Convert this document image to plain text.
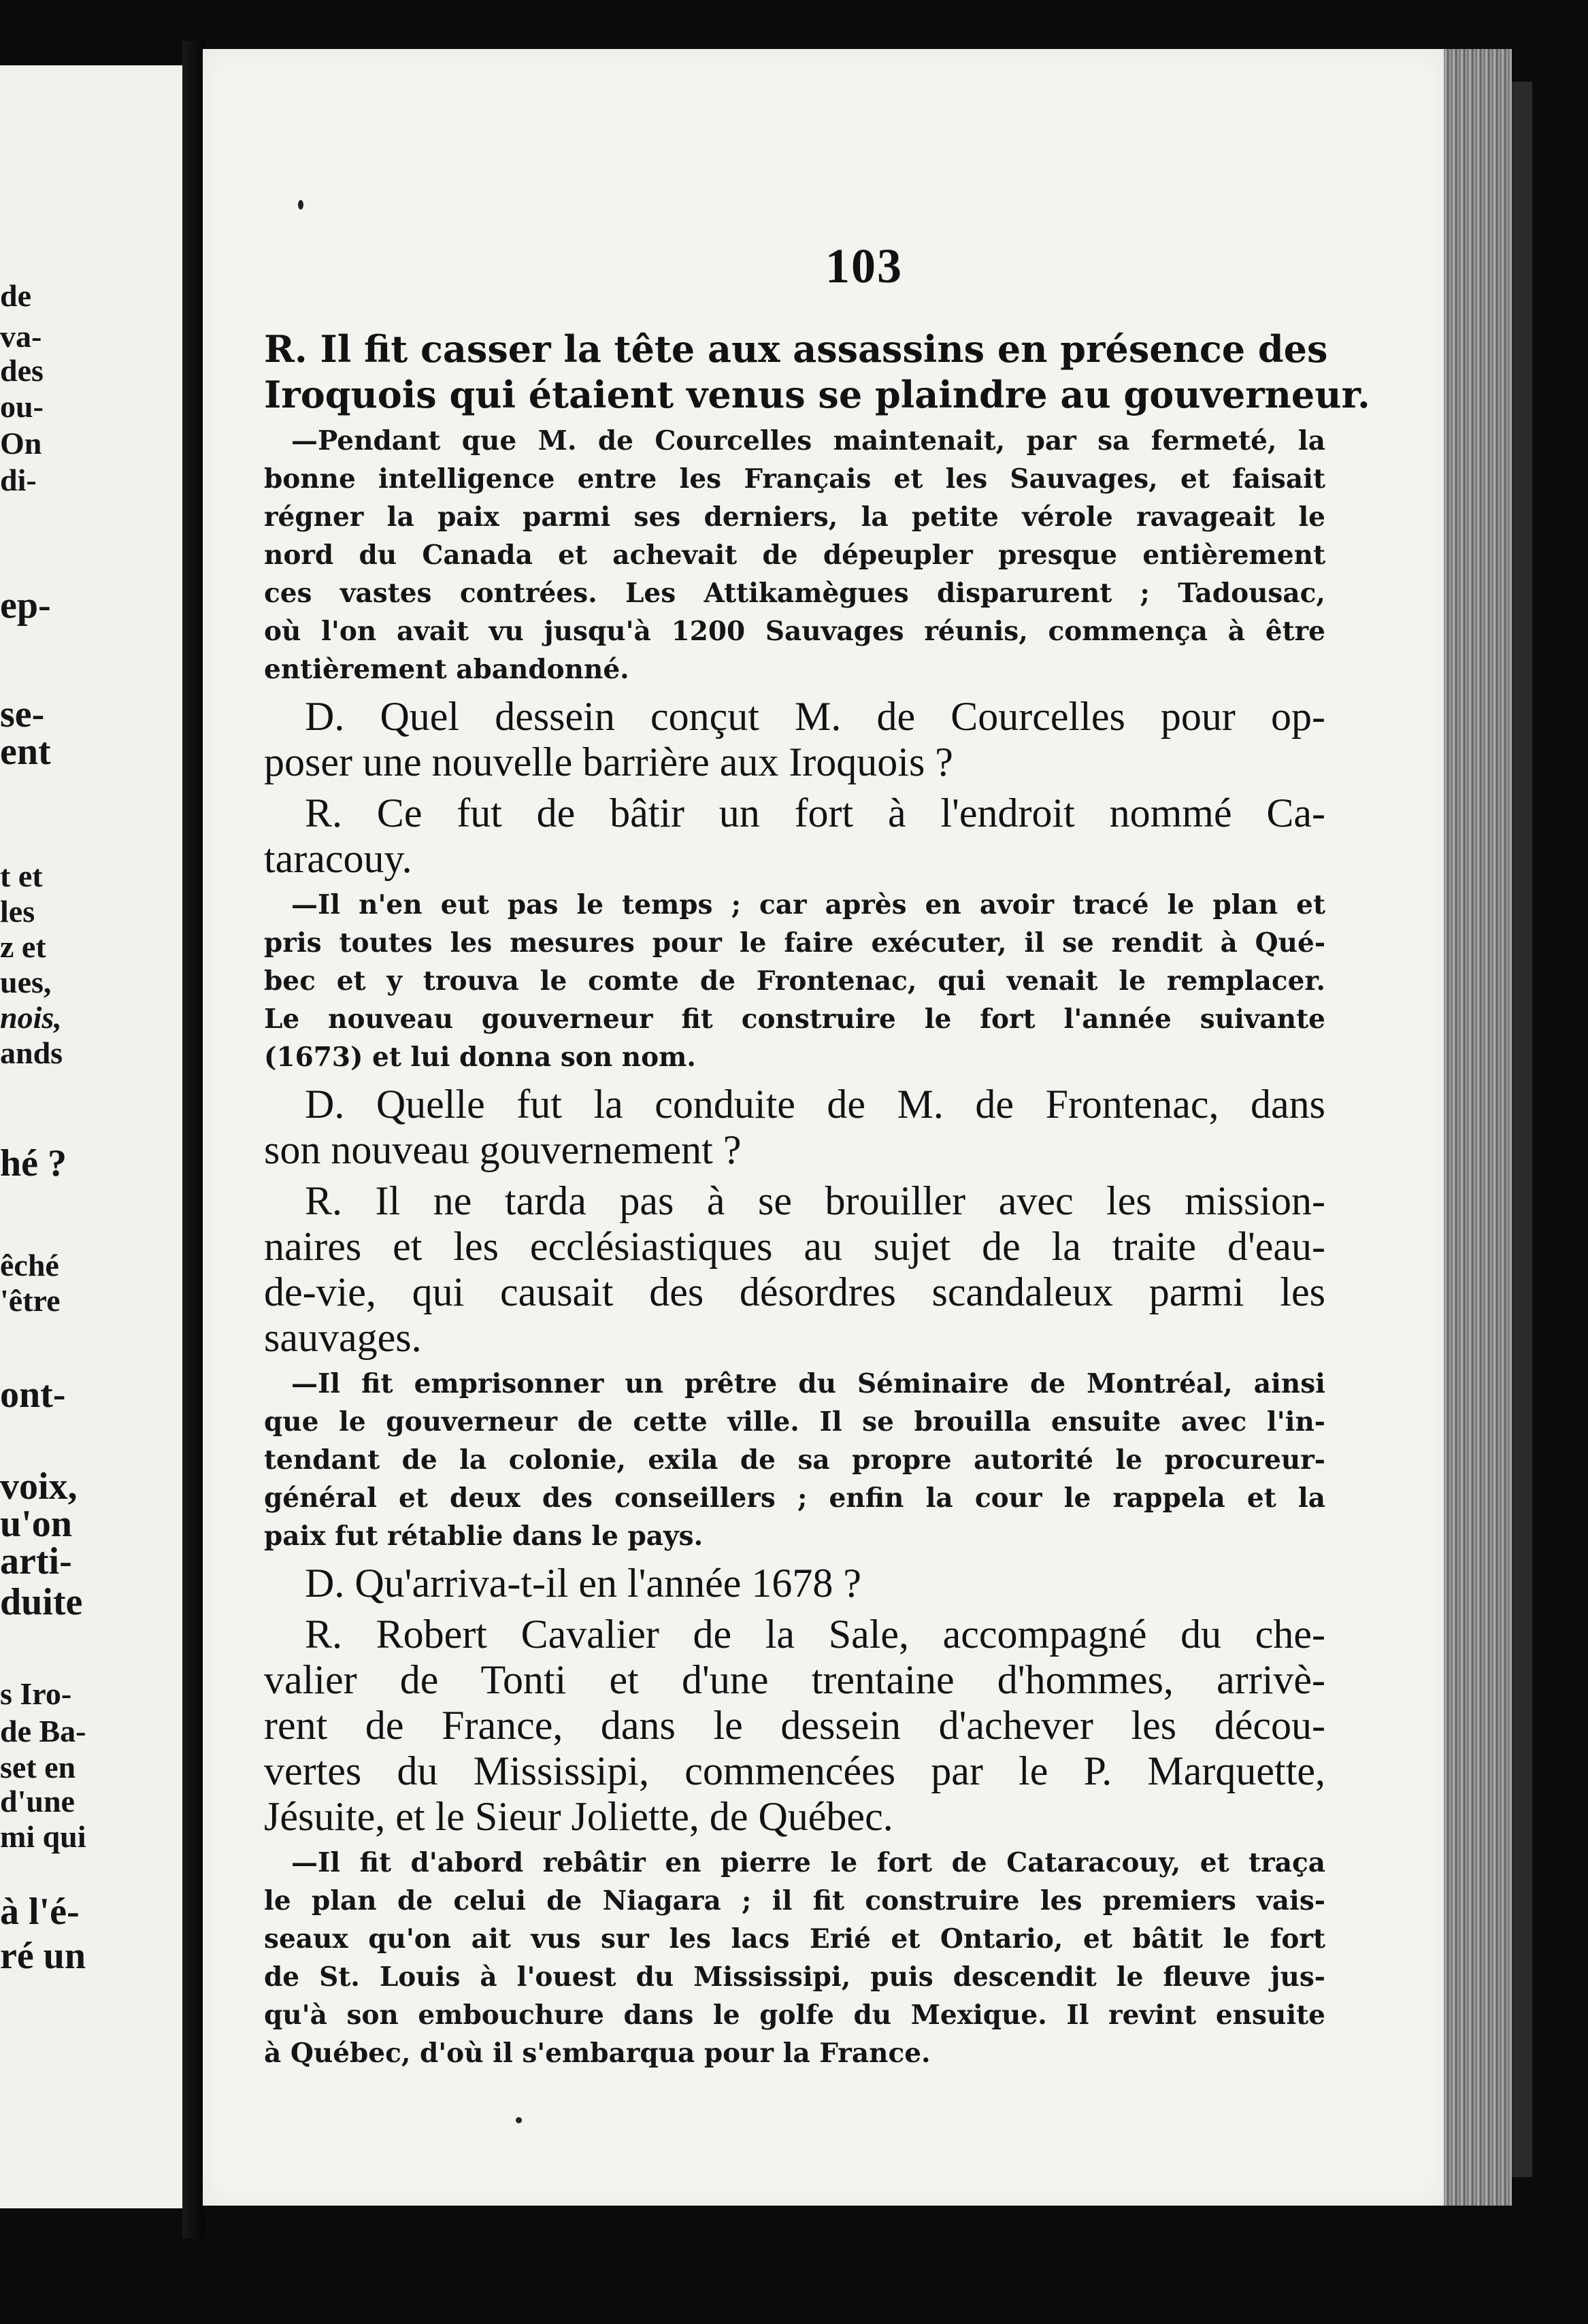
de
va-
des
ou-
On
di-
ep-
se-
ent
t et
les
z et
ues,
nois,
ands
hé ?
êché
'être
ont-
voix,
u'on
arti-
duite
s Iro-
de Ba-
set en
d'une
mi qui
à l'é-
ré un
103
R. Il fit casser la tête aux assassins en présence des
Iroquois qui étaient venus se plaindre au gouverneur.
—Pendant que M. de Courcelles maintenait, par sa fermeté, la
bonne intelligence entre les Français et les Sauvages, et faisait
régner la paix parmi ses derniers, la petite vérole ravageait le
nord du Canada et achevait de dépeupler presque entièrement
ces vastes contrées. Les Attikamègues disparurent ; Tadousac,
où l'on avait vu jusqu'à 1200 Sauvages réunis, commença à être
entièrement abandonné.
D. Quel dessein conçut M. de Courcelles pour op-
poser une nouvelle barrière aux Iroquois ?
R. Ce fut de bâtir un fort à l'endroit nommé Ca-
taracouy.
—Il n'en eut pas le temps ; car après en avoir tracé le plan et
pris toutes les mesures pour le faire exécuter, il se rendit à Qué-
bec et y trouva le comte de Frontenac, qui venait le remplacer.
Le nouveau gouverneur fit construire le fort l'année suivante
(1673) et lui donna son nom.
D. Quelle fut la conduite de M. de Frontenac, dans
son nouveau gouvernement ?
R. Il ne tarda pas à se brouiller avec les mission-
naires et les ecclésiastiques au sujet de la traite d'eau-
de-vie, qui causait des désordres scandaleux parmi les
sauvages.
—Il fit emprisonner un prêtre du Séminaire de Montréal, ainsi
que le gouverneur de cette ville. Il se brouilla ensuite avec l'in-
tendant de la colonie, exila de sa propre autorité le procureur-
général et deux des conseillers ; enfin la cour le rappela et la
paix fut rétablie dans le pays.
D. Qu'arriva-t-il en l'année 1678 ?
R. Robert Cavalier de la Sale, accompagné du che-
valier de Tonti et d'une trentaine d'hommes, arrivè-
rent de France, dans le dessein d'achever les décou-
vertes du Mississipi, commencées par le P. Marquette,
Jésuite, et le Sieur Joliette, de Québec.
—Il fit d'abord rebâtir en pierre le fort de Cataracouy, et traça
le plan de celui de Niagara ; il fit construire les premiers vais-
seaux qu'on ait vus sur les lacs Erié et Ontario, et bâtit le fort
de St. Louis à l'ouest du Mississipi, puis descendit le fleuve jus-
qu'à son embouchure dans le golfe du Mexique. Il revint ensuite
à Québec, d'où il s'embarqua pour la France.
